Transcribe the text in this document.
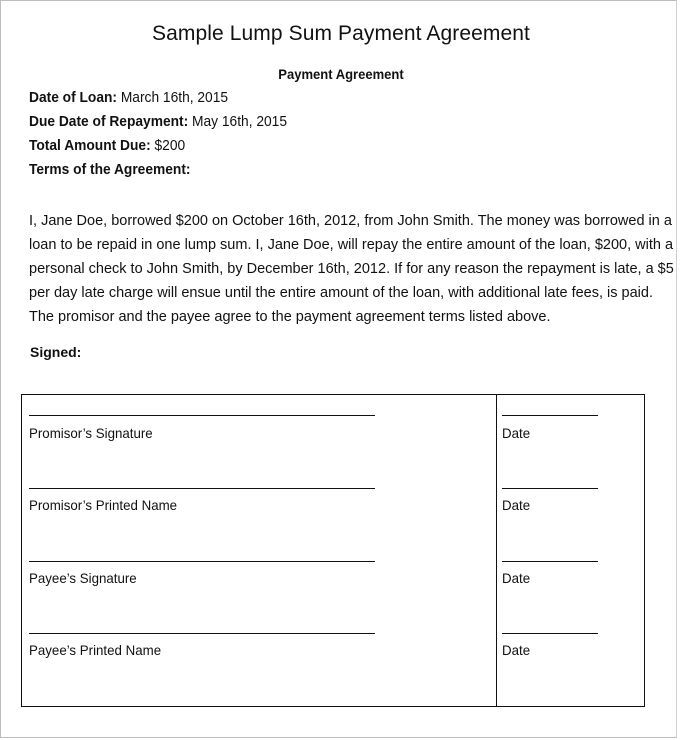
Sample Lump Sum Payment Agreement
Payment Agreement
Date of Loan: March 16th, 2015
Due Date of Repayment: May 16th, 2015
Total Amount Due: $200
Terms of the Agreement:
I, Jane Doe, borrowed $200 on October 16th, 2012, from John Smith. The money was borrowed in a
loan to be repaid in one lump sum. I, Jane Doe, will repay the entire amount of the loan, $200, with a
personal check to John Smith, by December 16th, 2012. If for any reason the repayment is late, a $5
per day late charge will ensue until the entire amount of the loan, with additional late fees, is paid.
The promisor and the payee agree to the payment agreement terms listed above.
Signed:
Promisor’s Signature	Date
Promisor’s Printed Name	Date
Payee’s Signature	Date
Payee’s Printed Name	Date
